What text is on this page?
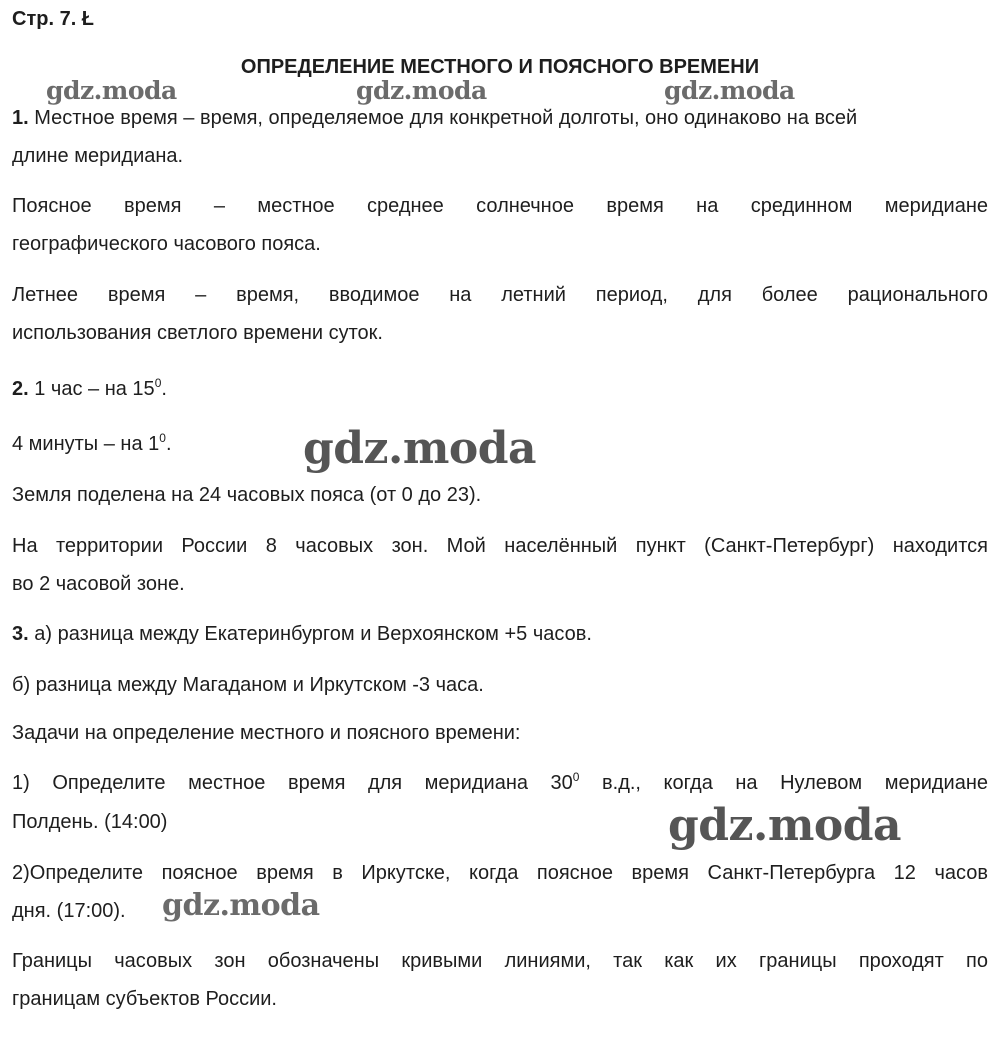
Стр. 7. Ł
ОПРЕДЕЛЕНИЕ МЕСТНОГО И ПОЯСНОГО ВРЕМЕНИ
gdz.moda	gdz.moda	gdz.moda
gdz.moda
gdz.moda
gdz.moda
1. Местное время – время, определяемое для конкретной долготы, оно одинаково на всей
длине меридиана.
Поясное время – местное среднее солнечное время на срединном меридиане
географического часового пояса.
Летнее время – время, вводимое на летний период, для более рационального
использования светлого времени суток.
2. 1 час – на $15^0$.
4 минуты – на $1^0$.
Земля поделена на 24 часовых пояса (от 0 до 23).
На территории России 8 часовых зон. Мой населённый пункт (Санкт-Петербург) находится
во 2 часовой зоне.
3. а) разница между Екатеринбургом и Верхоянском +5 часов.
б) разница между Магаданом и Иркутском -3 часа.
Задачи на определение местного и поясного времени:
1) Определите местное время для меридиана $30^0$ в.д., когда на Нулевом меридиане
Полдень. (14:00)
2)Определите поясное время в Иркутске, когда поясное время Санкт-Петербурга 12 часов
дня. (17:00).
Границы часовых зон обозначены кривыми линиями, так как их границы проходят по
границам субъектов России.
